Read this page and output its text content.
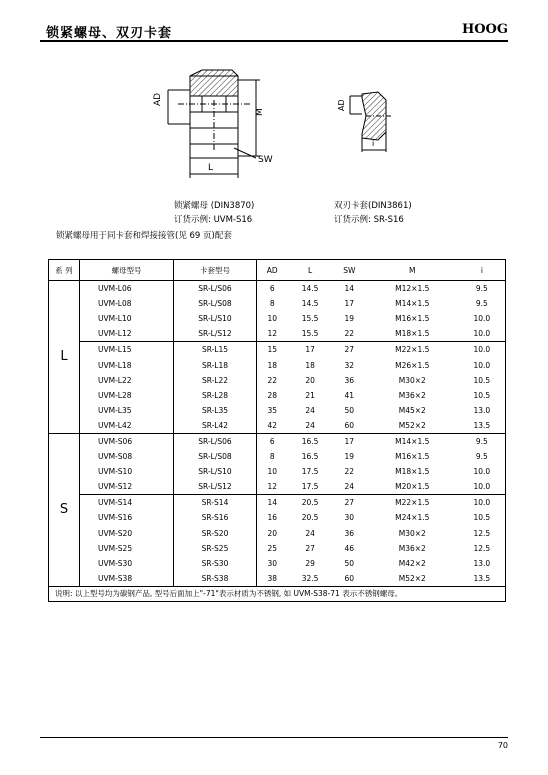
锁紧螺母、双刃卡套	HOOG
AD
M
L
SW
AD
i
锁紧螺母 (DIN3870)
订货示例: UVM-S16
双刃卡套(DIN3861)
订货示例: SR-S16
锁紧螺母用于同卡套和焊接接管(见 69 页)配套
系 列	螺母型号	卡套型号	AD	L	SW	M	i
L	UVM-L06	SR-L/S06	6	14.5	14	M12×1.5	9.5
	UVM-L08	SR-L/S08	8	14.5	17	M14×1.5	9.5
	UVM-L10	SR-L/S10	10	15.5	19	M16×1.5	10.0
	UVM-L12	SR-L/S12	12	15.5	22	M18×1.5	10.0
	UVM-L15	SR-L15	15	17	27	M22×1.5	10.0
	UVM-L18	SR-L18	18	18	32	M26×1.5	10.0
	UVM-L22	SR-L22	22	20	36	M30×2	10.5
	UVM-L28	SR-L28	28	21	41	M36×2	10.5
	UVM-L35	SR-L35	35	24	50	M45×2	13.0
	UVM-L42	SR-L42	42	24	60	M52×2	13.5
S	UVM-S06	SR-L/S06	6	16.5	17	M14×1.5	9.5
	UVM-S08	SR-L/S08	8	16.5	19	M16×1.5	9.5
	UVM-S10	SR-L/S10	10	17.5	22	M18×1.5	10.0
	UVM-S12	SR-L/S12	12	17.5	24	M20×1.5	10.0
	UVM-S14	SR-S14	14	20.5	27	M22×1.5	10.0
	UVM-S16	SR-S16	16	20.5	30	M24×1.5	10.5
	UVM-S20	SR-S20	20	24	36	M30×2	12.5
	UVM-S25	SR-S25	25	27	46	M36×2	12.5
	UVM-S30	SR-S30	30	29	50	M42×2	13.0
	UVM-S38	SR-S38	38	32.5	60	M52×2	13.5
说明: 以上型号均为碳钢产品, 型号后面加上"-71"表示材质为不锈钢, 如 UVM-S38-71 表示不锈钢螺母。							
70
